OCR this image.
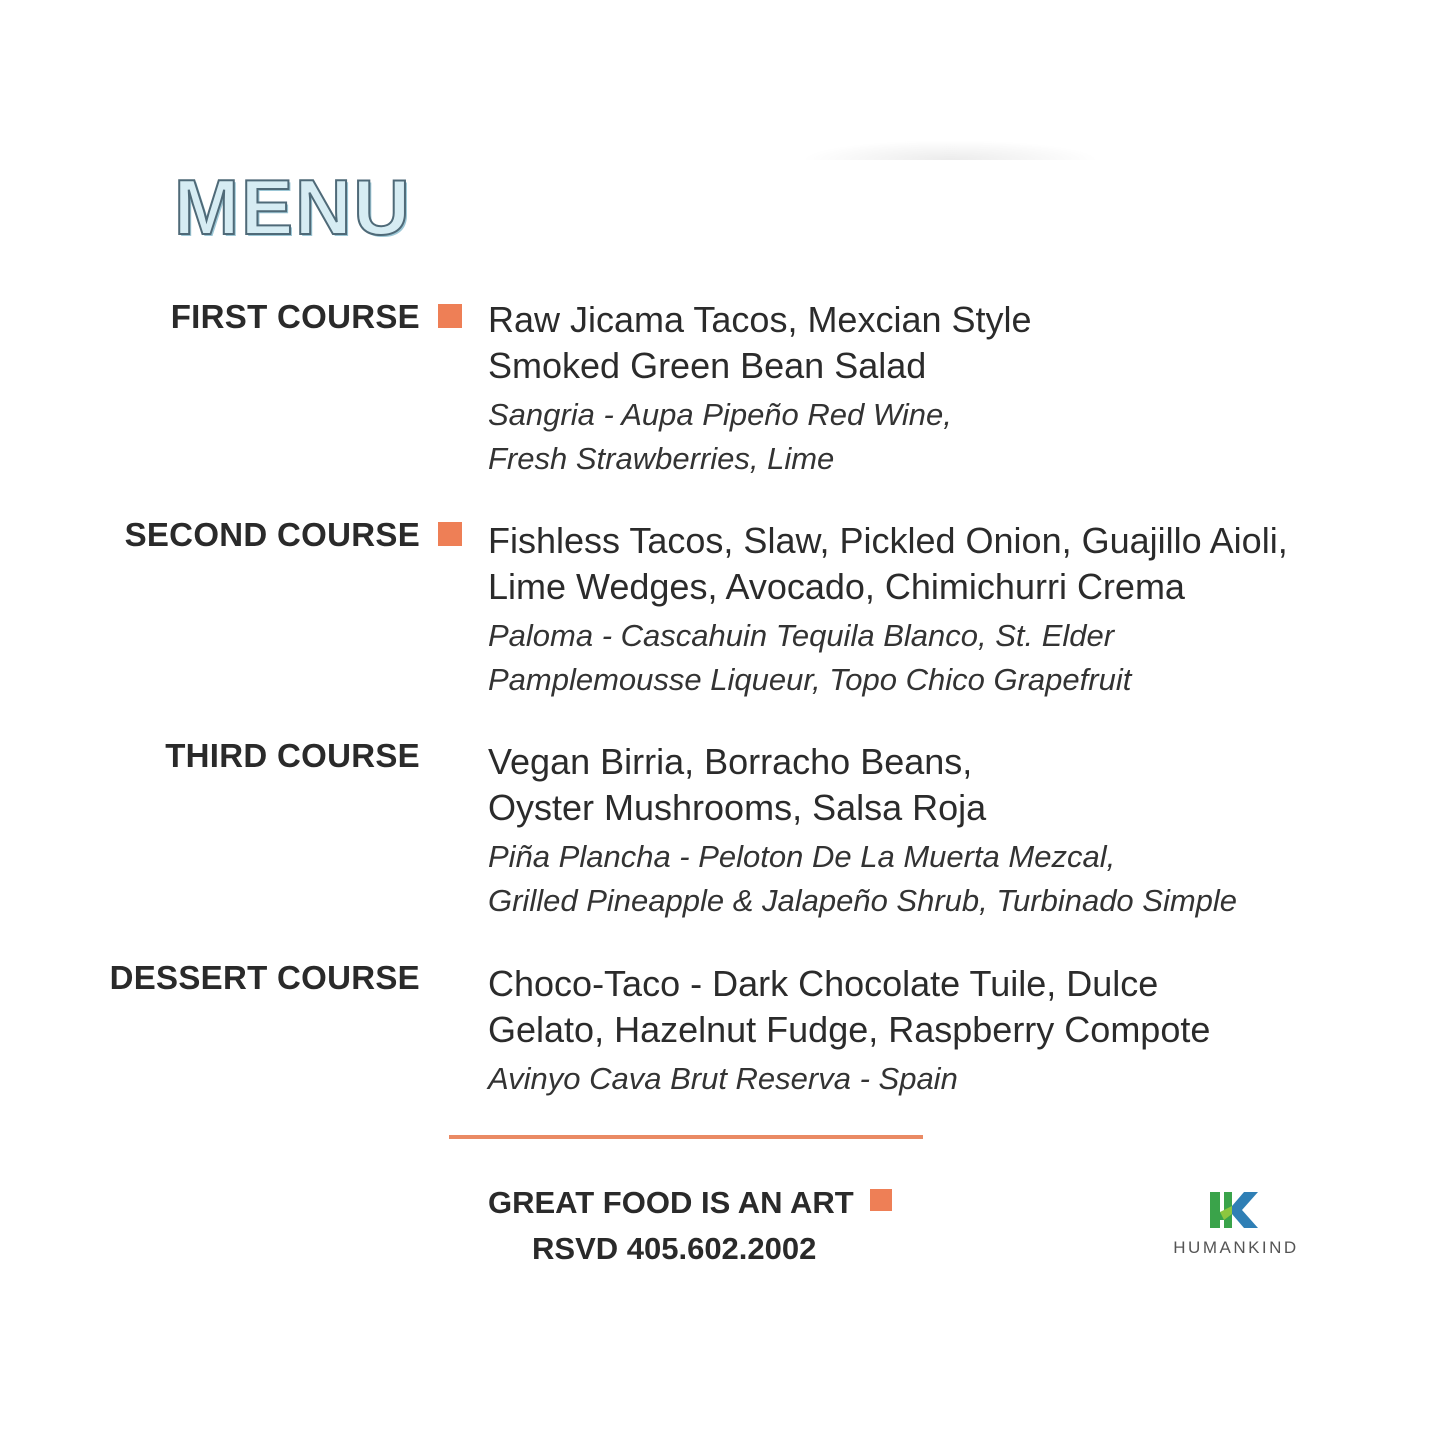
MENU
FIRST COURSE Raw Jicama Tacos, Mexcian Style
Smoked Green Bean Salad
Sangria - Aupa Pipeño Red Wine,
Fresh Strawberries, Lime
SECOND COURSE Fishless Tacos, Slaw, Pickled Onion, Guajillo Aioli,
Lime Wedges, Avocado, Chimichurri Crema
Paloma - Cascahuin Tequila Blanco, St. Elder
Pamplemousse Liqueur, Topo Chico Grapefruit
THIRD COURSE Vegan Birria, Borracho Beans,
Oyster Mushrooms, Salsa Roja
Piña Plancha - Peloton De La Muerta Mezcal,
Grilled Pineapple & Jalapeño Shrub, Turbinado Simple
DESSERT COURSE Choco-Taco - Dark Chocolate Tuile, Dulce
Gelato, Hazelnut Fudge, Raspberry Compote
Avinyo Cava Brut Reserva - Spain
GREAT FOOD IS AN ART
RSVD 405.602.2002	HUMANKIND
